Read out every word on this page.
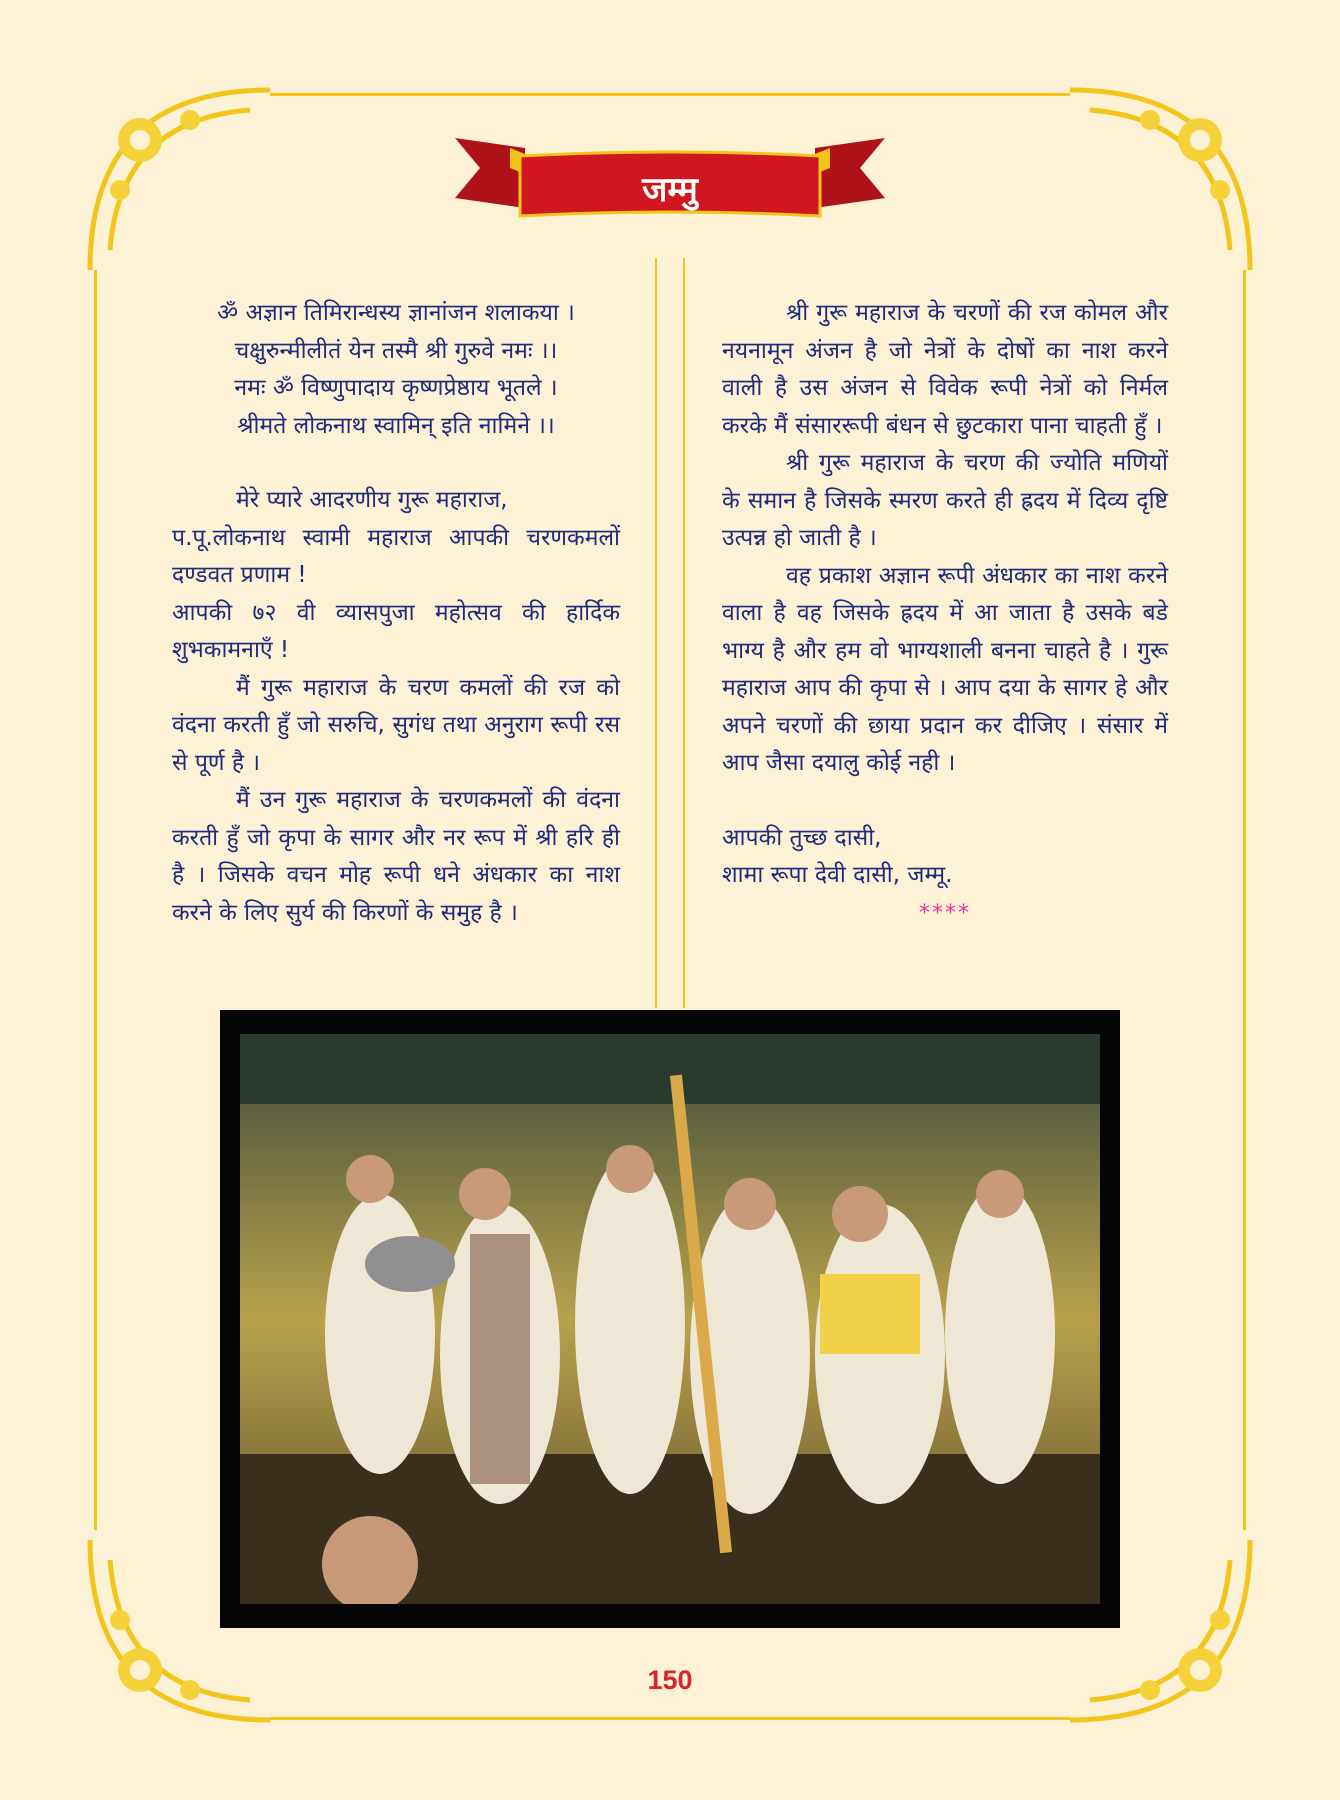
जम्मु

ॐ अज्ञान तिमिरान्धस्य ज्ञानांजन शलाकया ।

चक्षुरुन्मीलीतं येन तस्मै श्री गुरुवे नमः ।।

नमः ॐ विष्णुपादाय कृष्णप्रेष्ठाय भूतले ।

श्रीमते लोकनाथ स्वामिन् इति नामिने ।।

मेरे प्यारे आदरणीय गुरू महाराज,

प.पू.लोकनाथ स्वामी महाराज आपकी चरणकमलों दण्डवत प्रणाम !

आपकी ७२ वी व्यासपुजा महोत्सव की हार्दिक शुभकामनाएँ !

मैं गुरू महाराज के चरण कमलों की रज को वंदना करती हुँ जो सरुचि, सुगंध तथा अनुराग रूपी रस से पूर्ण है ।

मैं उन गुरू महाराज के चरणकमलों की वंदना करती हुँ जो कृपा के सागर और नर रूप में श्री हरि ही है । जिसके वचन मोह रूपी धने अंधकार का नाश करने के लिए सुर्य की किरणों के समुह है ।

श्री गुरू महाराज के चरणों की रज कोमल और नयनामून अंजन है जो नेत्रों के दोषों का नाश करने वाली है उस अंजन से विवेक रूपी नेत्रों को निर्मल करके मैं संसाररूपी बंधन से छुटकारा पाना चाहती हुँ ।

श्री गुरू महाराज के चरण की ज्योति मणियों के समान है जिसके स्मरण करते ही ह्रदय में दिव्य दृष्टि उत्पन्न हो जाती है ।

वह प्रकाश अज्ञान रूपी अंधकार का नाश करने वाला है वह जिसके ह्रदय में आ जाता है उसके बडे भाग्य है और हम वो भाग्यशाली बनना चाहते है । गुरू महाराज आप की कृपा से । आप दया के सागर हे और अपने चरणों की छाया प्रदान कर दीजिए । संसार में आप जैसा दयालु कोई नही ।

आपकी तुच्छ दासी,

शामा रूपा देवी दासी, जम्मू.

****

150
